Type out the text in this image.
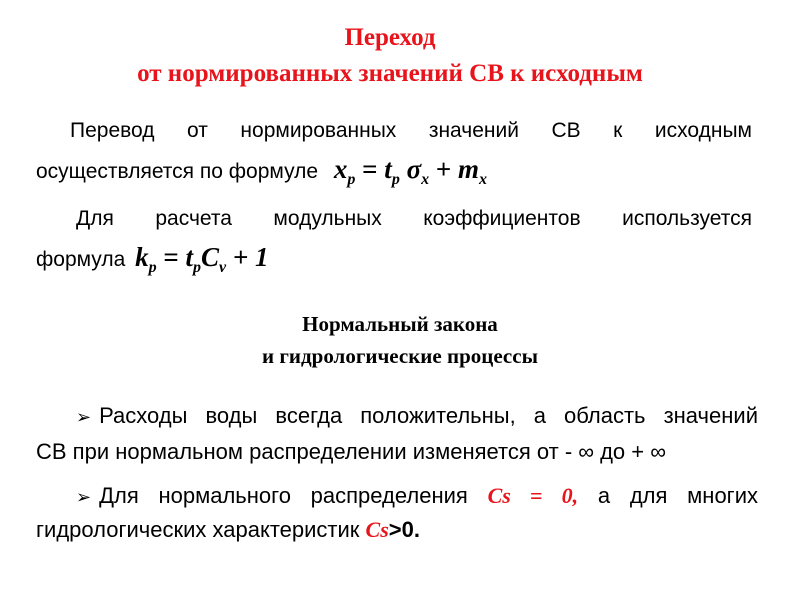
Переход
от нормированных значений СВ к исходным

Перевод от нормированных значений СВ к исходным

осуществляется по формуле $x_p = t_p$ $\sigma_x + m_x$

Для расчета модульных коэффициентов используется

формула $k_p = t_pC_v + 1$

Нормальный закона
и гидрологические процессы

➢ Расходы воды всегда положительны, а область значений

СВ при нормальном распределении изменяется от - ∞ до + ∞

➢ Для нормального распределения Cs = 0, а для многих

гидрологических характеристик Cs>0.
